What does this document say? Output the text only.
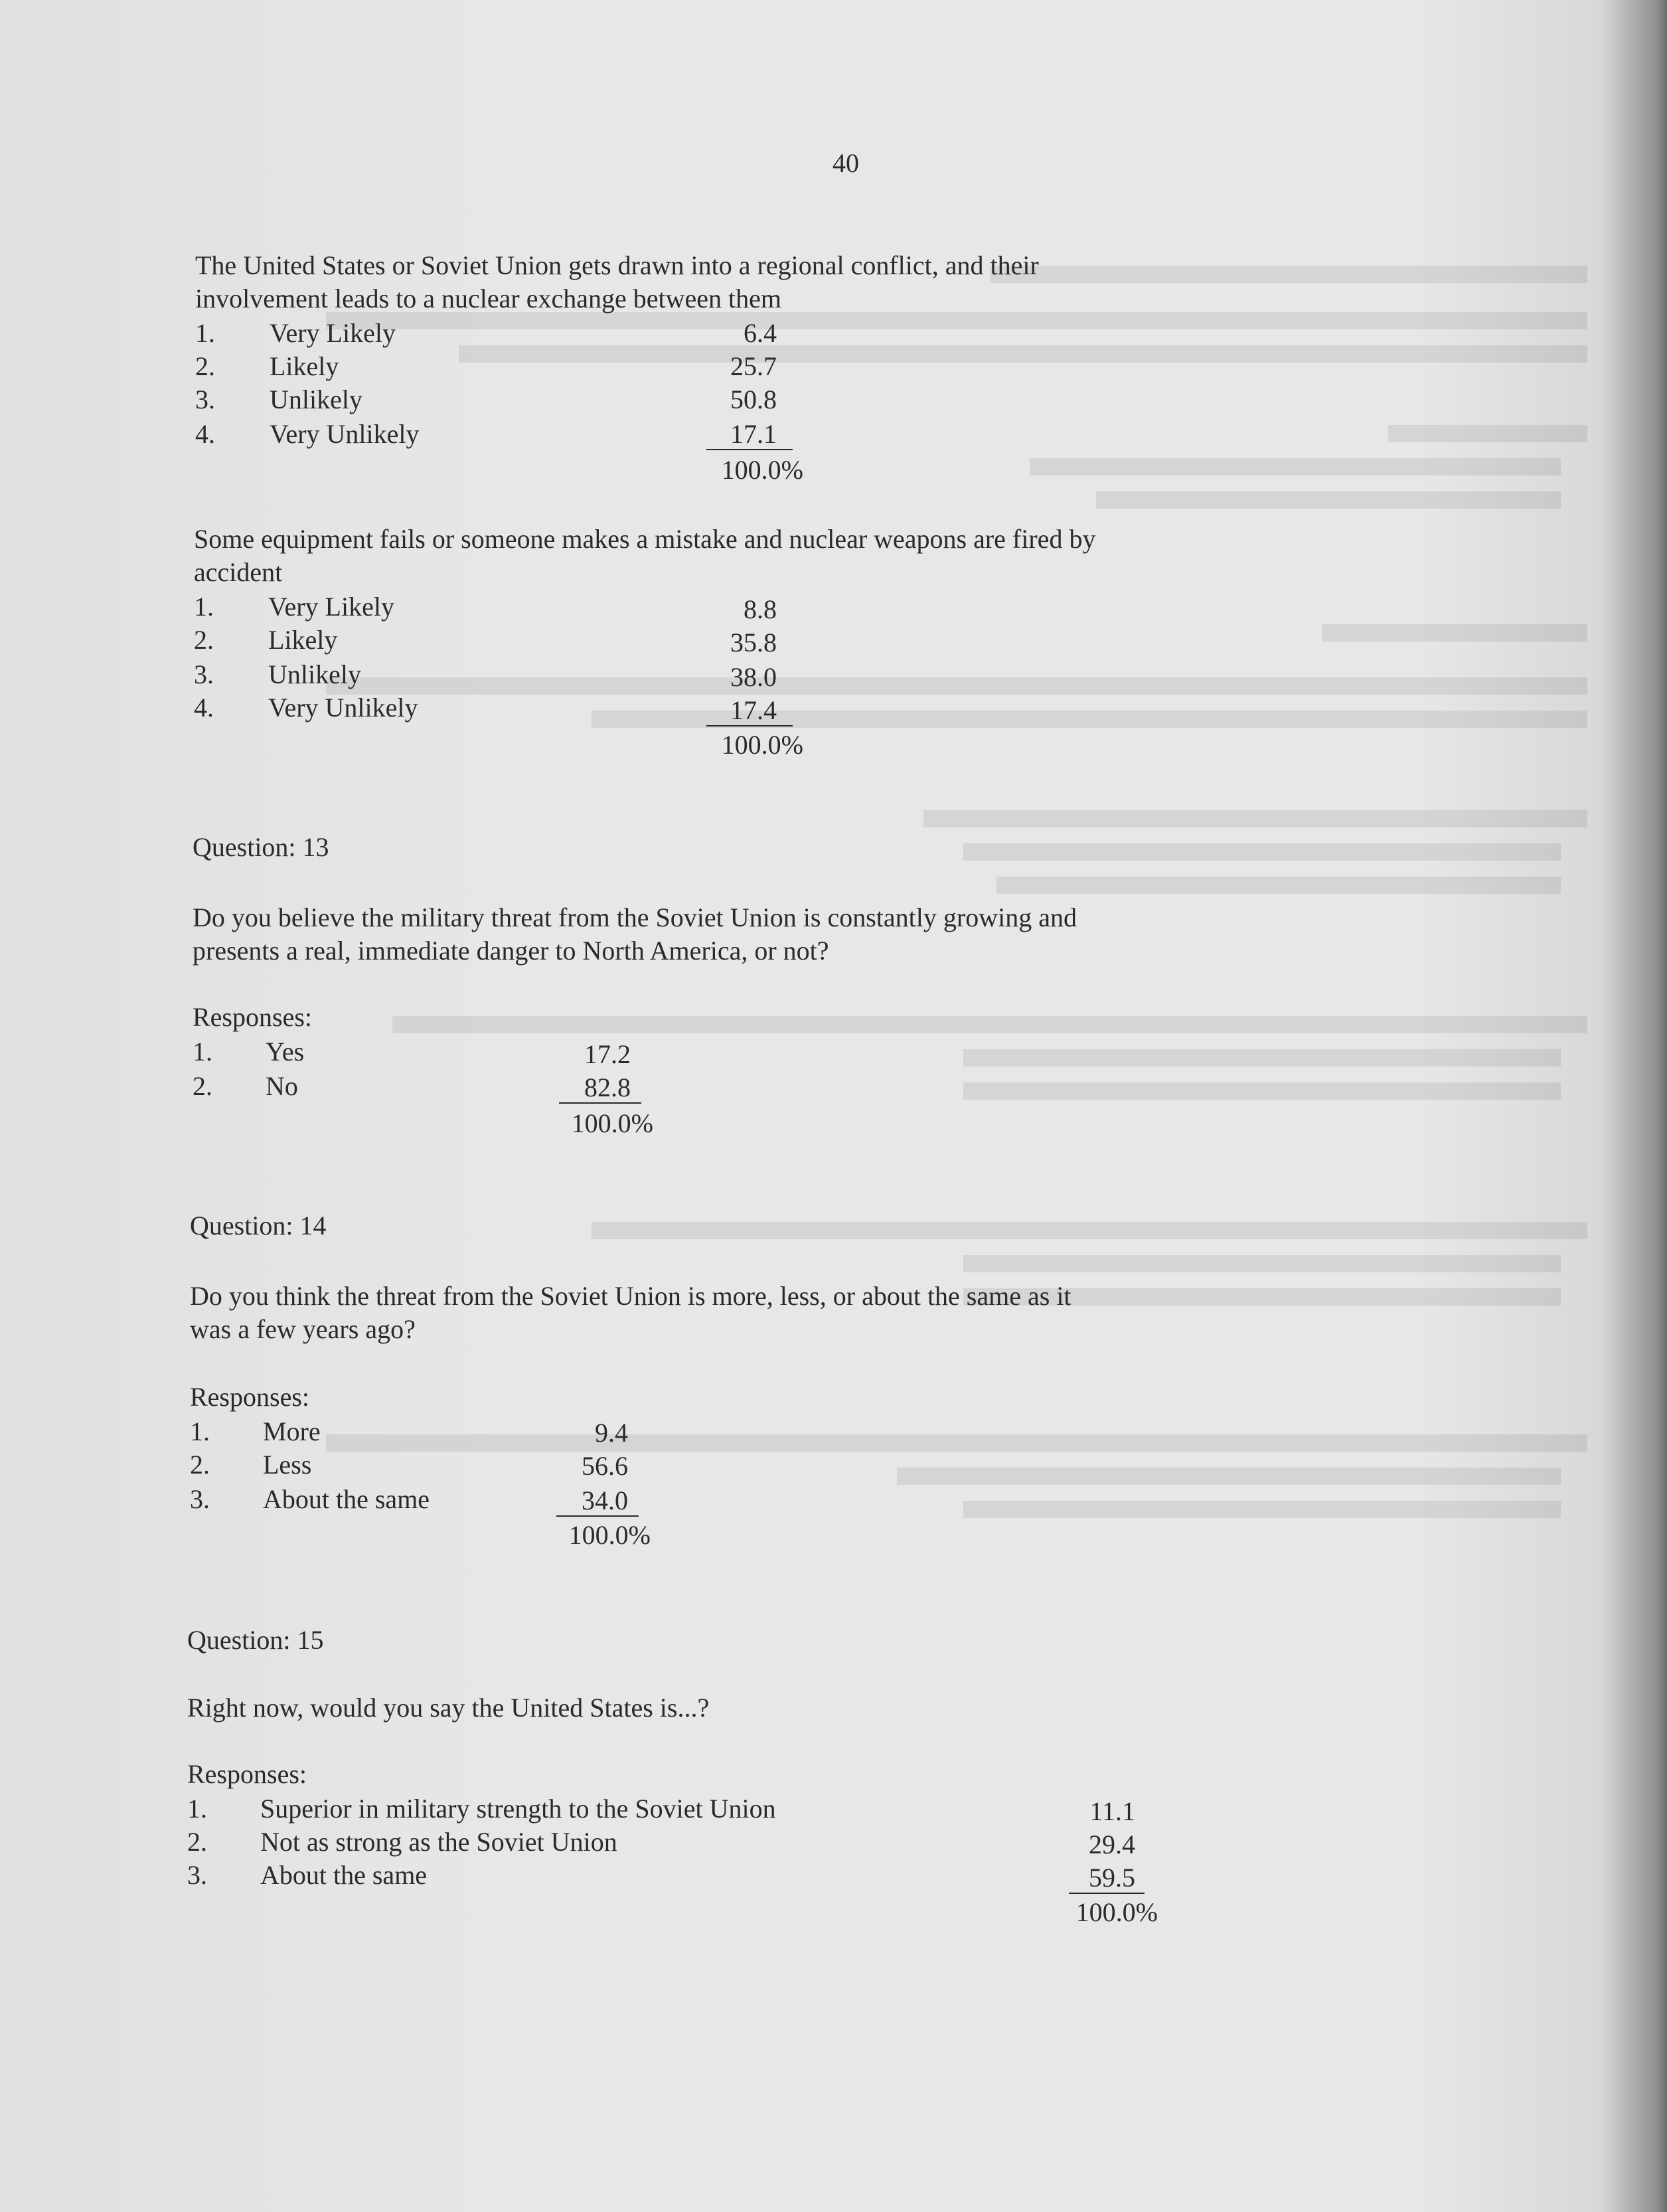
40
The United States or Soviet Union gets drawn into a regional conflict, and their
involvement leads to a nuclear exchange between them
1. Very Likely	6.4
2. Likely	25.7
3. Unlikely	50.8
4. Very Unlikely	17.1
100.0%
Some equipment fails or someone makes a mistake and nuclear weapons are fired by
accident
1. Very Likely	8.8
2. Likely	35.8
3. Unlikely	38.0
4. Very Unlikely	17.4
100.0%
Question: 13
Do you believe the military threat from the Soviet Union is constantly growing and
presents a real, immediate danger to North America, or not?
Responses:
1. Yes	17.2
2. No	82.8
100.0%
Question: 14
Do you think the threat from the Soviet Union is more, less, or about the same as it
was a few years ago?
Responses:
1. More	9.4
2. Less	56.6
3. About the same	34.0
100.0%
Question: 15
Right now, would you say the United States is...?
Responses:
1. Superior in military strength to the Soviet Union	11.1
2. Not as strong as the Soviet Union	29.4
3. About the same	59.5
100.0%
